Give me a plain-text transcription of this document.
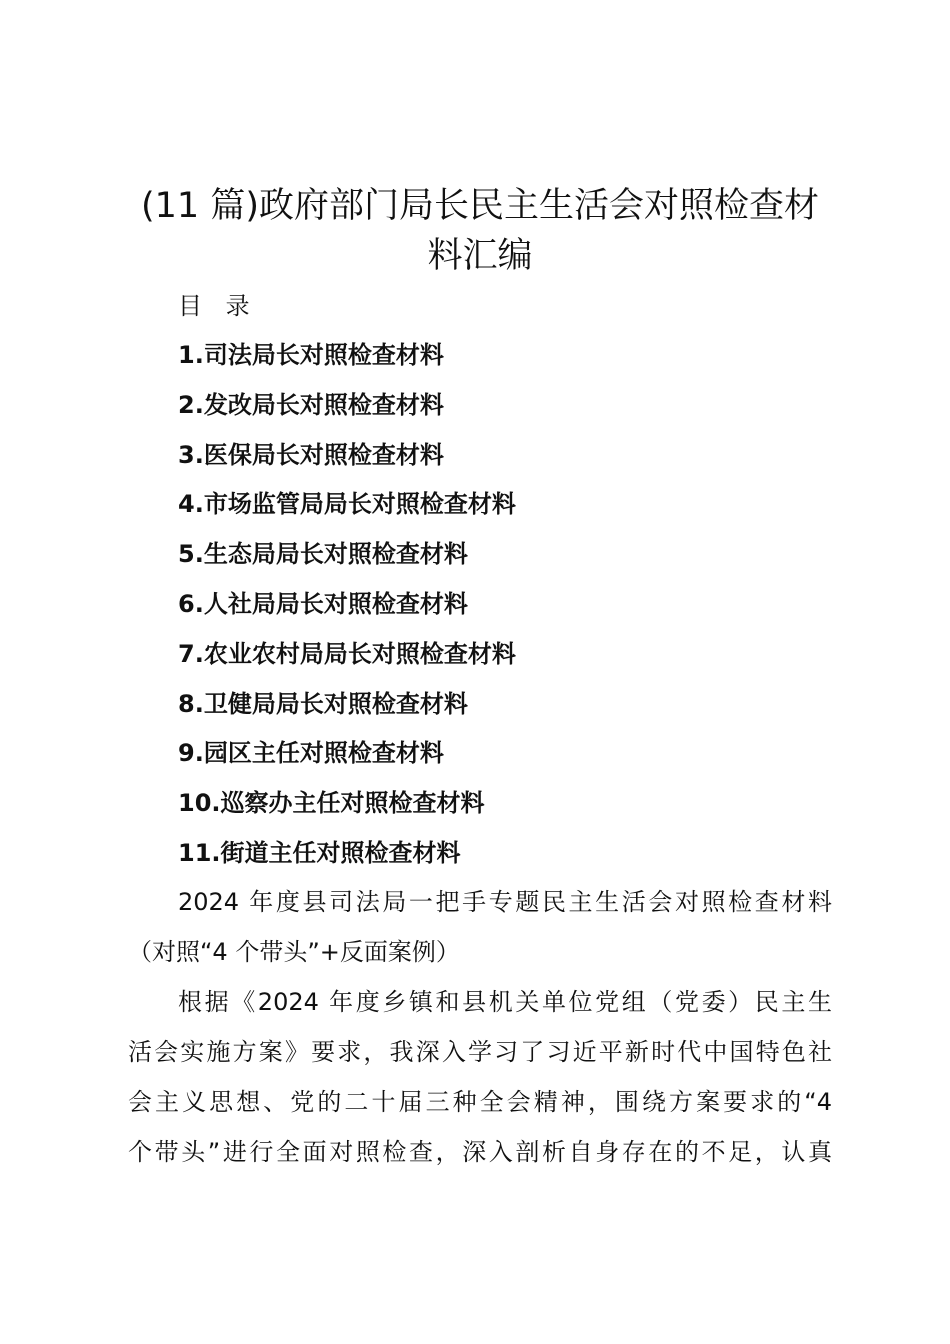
(11 篇)政府部门局长民主生活会对照检查材
料汇编
目 录
1.司法局长对照检查材料
2.发改局长对照检查材料
3.医保局长对照检查材料
4.市场监管局局长对照检查材料
5.生态局局长对照检查材料
6.人社局局长对照检查材料
7.农业农村局局长对照检查材料
8.卫健局局长对照检查材料
9.园区主任对照检查材料
10.巡察办主任对照检查材料
11.街道主任对照检查材料
2024 年度县司法局一把手专题民主生活会对照检查材料
（对照“4 个带头”+反面案例）
根据《2024 年度乡镇和县机关单位党组（党委）民主生
活会实施方案》要求，我深入学习了习近平新时代中国特色社
会主义思想、党的二十届三种全会精神，围绕方案要求的“4
个带头”进行全面对照检查，深入剖析自身存在的不足，认真
